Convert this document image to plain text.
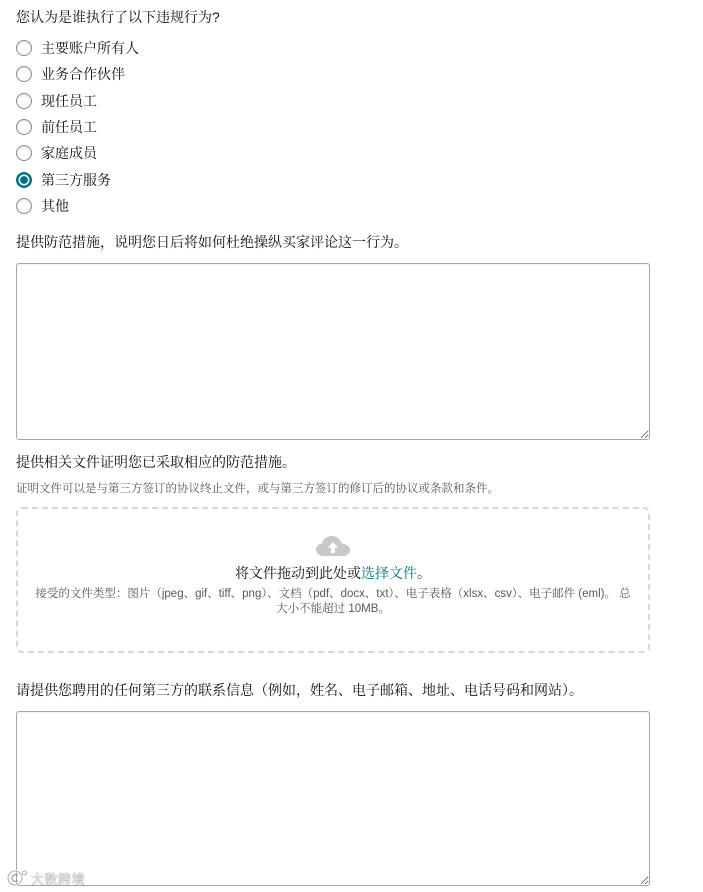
您认为是谁执行了以下违规行为?
主要账户所有人
业务合作伙伴
现任员工
前任员工
家庭成员
第三方服务
其他
提供防范措施，说明您日后将如何杜绝操纵买家评论这一行为。
提供相关文件证明您已采取相应的防范措施。
证明文件可以是与第三方签订的协议终止文件，或与第三方签订的修订后的协议或条款和条件。
将文件拖动到此处或选择文件。
接受的文件类型：图片（jpeg、gif、tiff、png）、文档（pdf、docx、txt）、电子表格（xlsx、csv）、电子邮件 (eml)。 总大小不能超过 10MB。
请提供您聘用的任何第三方的联系信息（例如，姓名、电子邮箱、地址、电话号码和网站）。
大数跨境
